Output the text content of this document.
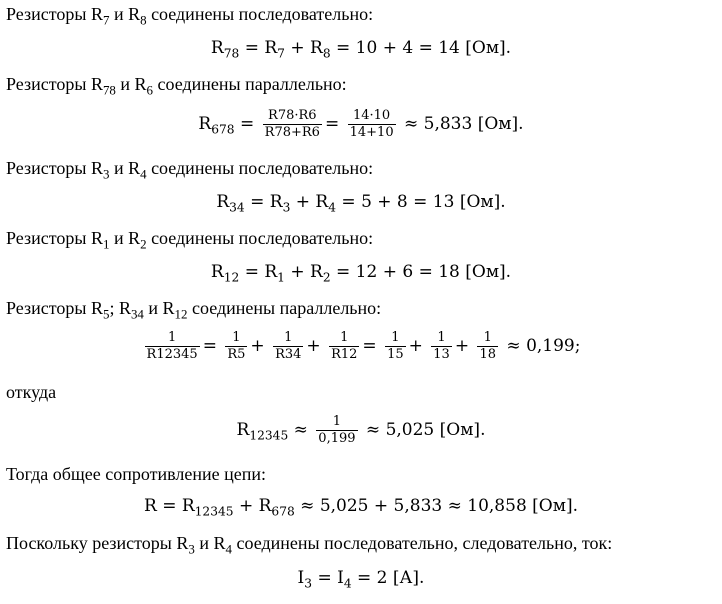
Резисторы $R_7$ и $R_8$ соединены последовательно:
$R_{78} = R_7 + R_8 = 10 + 4 = 14$ [Ом].
Резисторы $R_{78}$ и $R_6$ соединены параллельно:
$R_{678} = \frac{R78\cdot R6}{R78+R6} = \frac{14\cdot 10}{14+10} \approx 5,833$ [Ом].
Резисторы $R_3$ и $R_4$ соединены последовательно:
$R_{34} = R_3 + R_4 = 5 + 8 = 13$ [Ом].
Резисторы $R_1$ и $R_2$ соединены последовательно:
$R_{12} = R_1 + R_2 = 12 + 6 = 18$ [Ом].
Резисторы $R_5$; $R_{34}$ и $R_{12}$ соединены параллельно:
$\frac{1}{R12345} = \frac{1}{R5} + \frac{1}{R34} + \frac{1}{R12} = \frac{1}{15} + \frac{1}{13} + \frac{1}{18} \approx 0,199$;
откуда
$R_{12345} \approx \frac{1}{0,199} \approx 5,025$ [Ом].
Тогда общее сопротивление цепи:
$R = R_{12345} + R_{678} \approx 5,025 + 5,833 \approx 10,858$ [Ом].
Поскольку резисторы $R_3$ и $R_4$ соединены последовательно, следовательно, ток:
$I_3 = I_4 = 2$ [А].
